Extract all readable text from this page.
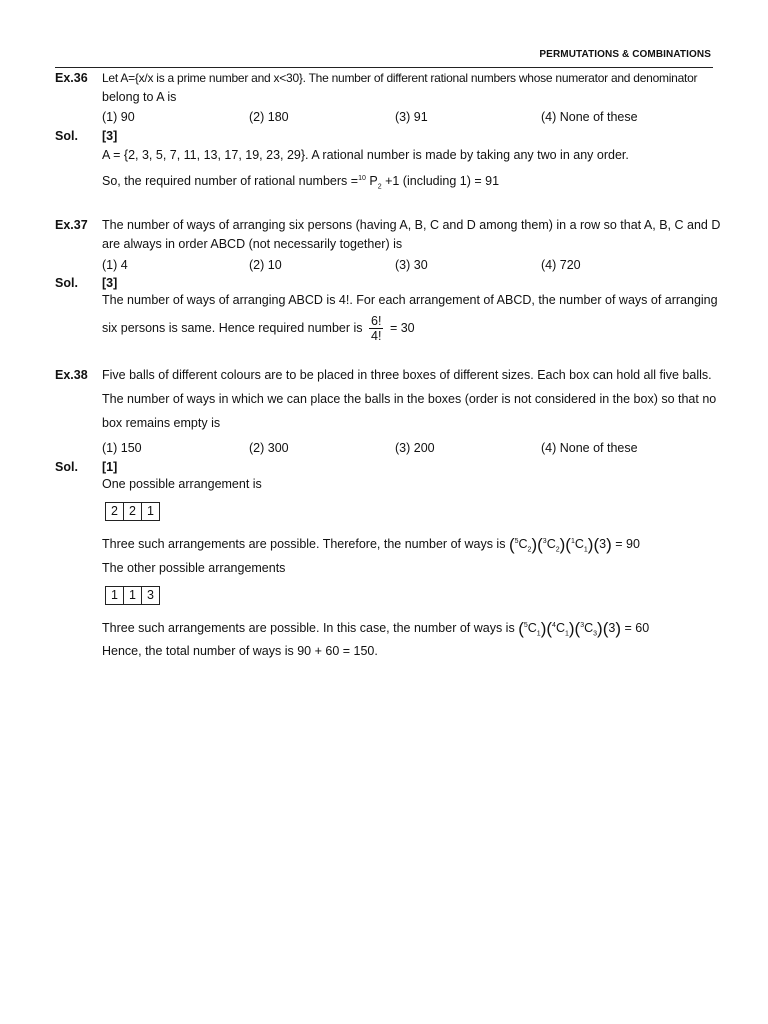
PERMUTATIONS & COMBINATIONS
Ex.36 Let A={x/x is a prime number and x<30}. The number of different rational numbers whose numerator and denominator
belong to A is
(1) 90	(2) 180	(3) 91	(4) None of these
Sol. [3]
A = {2, 3, 5, 7, 11, 13, 17, 19, 23, 29}. A rational number is made by taking any two in any order.
So, the required number of rational numbers =$^{10}$ $P_2 +1$ (including 1) = 91
Ex.37 The number of ways of arranging six persons (having A, B, C and D among them) in a row so that A, B, C and D
are always in order ABCD (not necessarily together) is
(1) 4	(2) 10	(3) 30	(4) 720
Sol. [3]
The number of ways of arranging ABCD is 4!. For each arrangement of ABCD, the number of ways of arranging
six persons is same. Hence required number is $\frac{6!}{4!} = 30$
Ex.38 Five balls of different colours are to be placed in three boxes of different sizes. Each box can hold all five balls.
The number of ways in which we can place the balls in the boxes (order is not considered in the box) so that no
box remains empty is
(1) 150	(2) 300	(3) 200	(4) None of these
Sol. [1]
One possible arrangement is
2 2 1
Three such arrangements are possible. Therefore, the number of ways is $(^5C_2)(^3C_2)(^1C_1)(3) = 90$
The other possible arrangements
1 1 3
Three such arrangements are possible. In this case, the number of ways is $(^5C_1)(^4C_1)(^3C_3)(3) = 60$
Hence, the total number of ways is 90 + 60 = 150.
